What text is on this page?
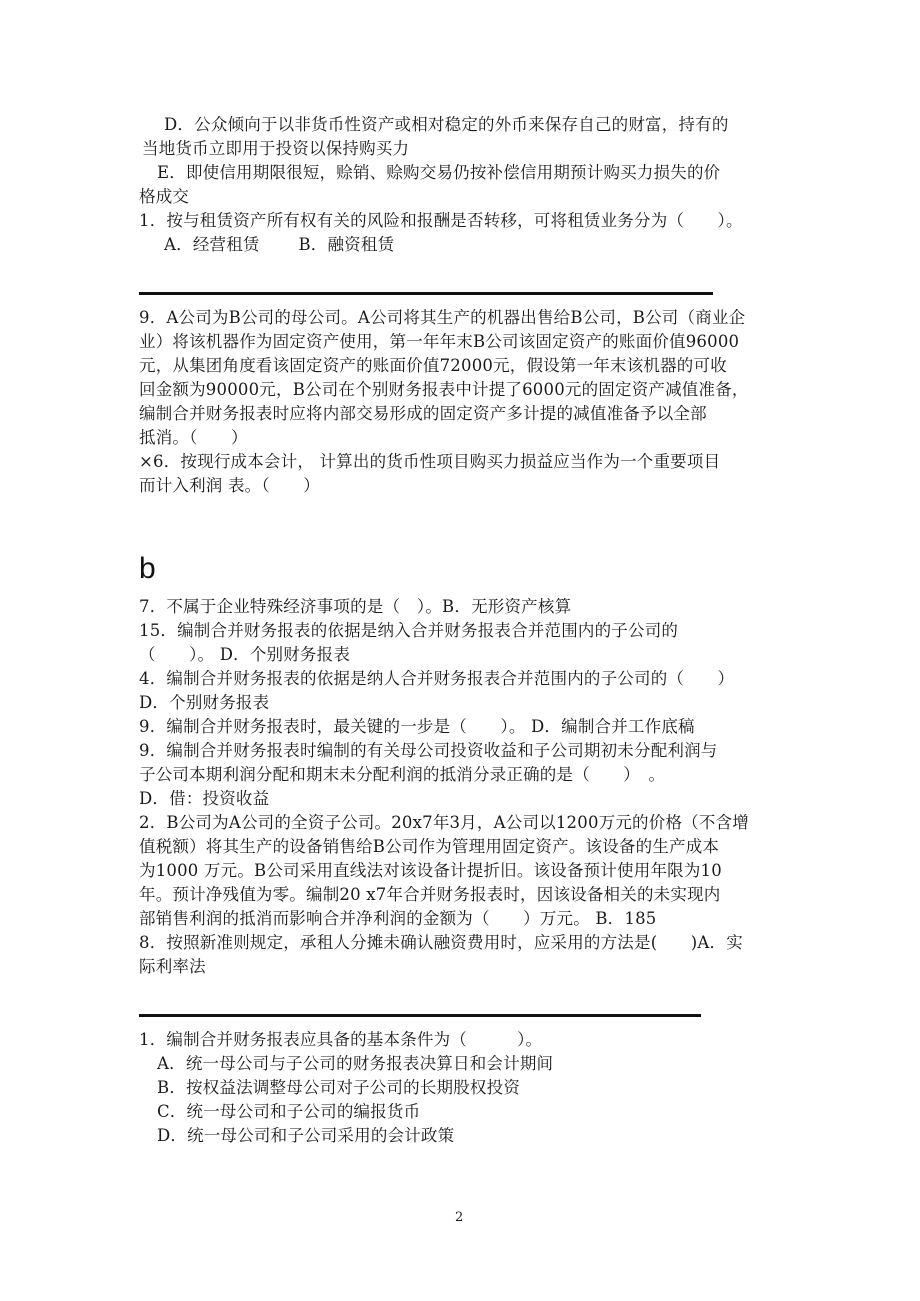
D．公众倾向于以非货币性资产或相对稳定的外币来保存自己的财富，持有的
当地货币立即用于投资以保持购买力
E．即使信用期限很短，赊销、赊购交易仍按补偿信用期预计购买力损失的价
格成交
1．按与租赁资产所有权有关的风险和报酬是否转移，可将租赁业务分为（　　）。
A．经营租赁　　 B．融资租赁
9．A公司为B公司的母公司。A公司将其生产的机器出售给B公司，B公司（商业企
业）将该机器作为固定资产使用，第一年年末B公司该固定资产的账面价值96000
元，从集团角度看该固定资产的账面价值72000元，假设第一年末该机器的可收
回金额为90000元，B公司在个别财务报表中计提了6000元的固定资产减值准备，
编制合并财务报表时应将内部交易形成的固定资产多计提的减值准备予以全部
抵消。（　　）
×6．按现行成本会计， 计算出的货币性项目购买力损益应当作为一个重要项目
而计入利润 表。（　　）
b
7．不属于企业特殊经济事项的是（　）。B．无形资产核算
15．编制合并财务报表的依据是纳入合并财务报表合并范围内的子公司的
（　　）。 D．个别财务报表
4．编制合并财务报表的依据是纳人合并财务报表合并范围内的子公司的（　　）
D．个别财务报表
9．编制合并财务报表时，最关键的一步是（　　）。 D．编制合并工作底稿
9．编制合并财务报表时编制的有关母公司投资收益和子公司期初未分配利润与
子公司本期利润分配和期末未分配利润的抵消分录正确的是（　　）　。
D．借：投资收益
2．B公司为A公司的全资子公司。20x7年3月，A公司以1200万元的价格（不含增
值税额）将其生产的设备销售给B公司作为管理用固定资产。该设备的生产成本
为1000 万元。B公司采用直线法对该设备计提折旧。该设备预计使用年限为10
年。预计净残值为零。编制20 x7年合并财务报表时，因该设备相关的未实现内
部销售利润的抵消而影响合并净利润的金额为（　　）万元。 B．185
8．按照新准则规定，承租人分摊未确认融资费用时，应采用的方法是(　　)A．实
际利率法
1．编制合并财务报表应具备的基本条件为（　　　）。
A．统一母公司与子公司的财务报表决算日和会计期间
B．按权益法调整母公司对子公司的长期股权投资
C．统一母公司和子公司的编报货币
D．统一母公司和子公司采用的会计政策
2
